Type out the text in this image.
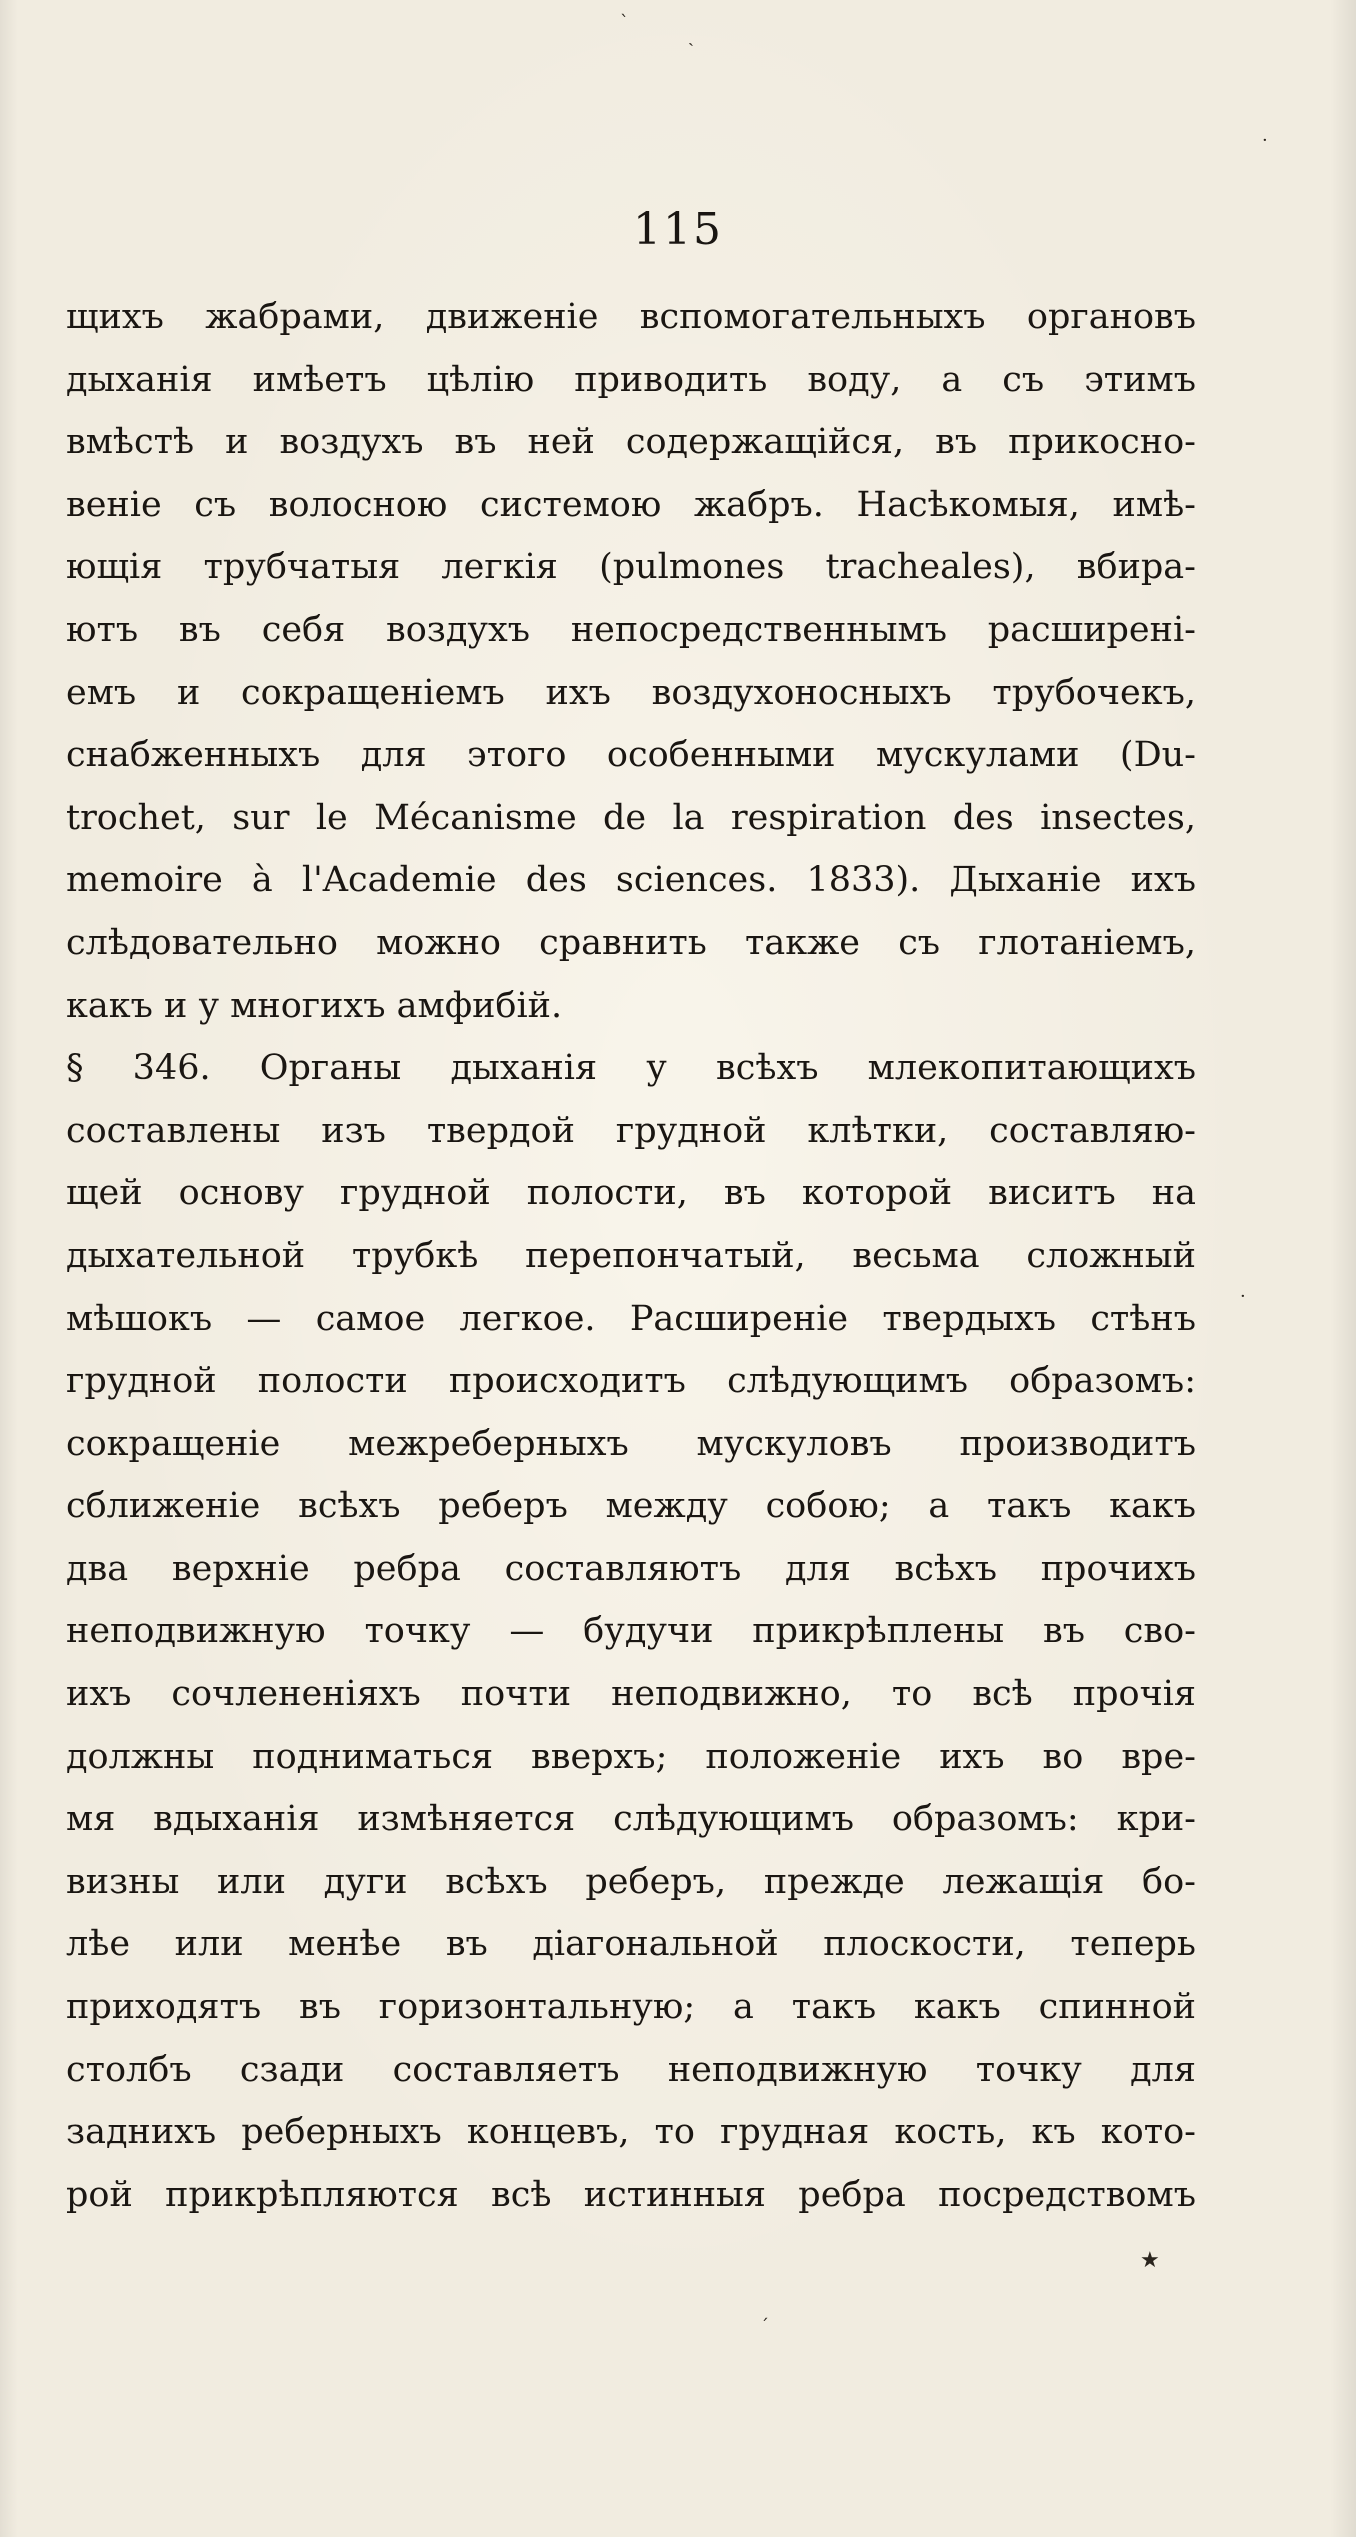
ˋ
ˎ
·
ˊ
·
115
щихъ жабрами, движенiе вспомогательныхъ органовъ
дыханiя имѣетъ цѣлiю приводить воду, а съ этимъ
вмѣстѣ и воздухъ въ ней содержащiйся, въ прикосно-
венiе съ волосною системою жабръ. Насѣкомыя, имѣ-
ющiя трубчатыя легкiя (pulmones tracheales), вбира-
ютъ въ себя воздухъ непосредственнымъ расширенi-
емъ и сокращенiемъ ихъ воздухоносныхъ трубочекъ,
снабженныхъ для этого особенными мускулами (Du-
trochet, sur le Mécanisme de la respiration des insectes,
memoire à l'Academie des sciences. 1833). Дыханiе ихъ
слѣдовательно можно сравнить также съ глотанiемъ,
какъ и у многихъ амфибiй.
§ 346. Органы дыханiя у всѣхъ млекопитающихъ
составлены изъ твердой грудной клѣтки, составляю-
щей основу грудной полости, въ которой виситъ на
дыхательной трубкѣ перепончатый, весьма сложный
мѣшокъ — самое легкое. Расширенiе твердыхъ стѣнъ
грудной полости происходитъ слѣдующимъ образомъ:
сокращенiе межреберныхъ мускуловъ производитъ
сближенiе всѣхъ реберъ между собою; а такъ какъ
два верхнiе ребра составляютъ для всѣхъ прочихъ
неподвижную точку — будучи прикрѣплены въ сво-
ихъ сочлененiяхъ почти неподвижно, то всѣ прочiя
должны подниматься вверхъ; положенiе ихъ во вре-
мя вдыханiя измѣняется слѣдующимъ образомъ: кри-
визны или дуги всѣхъ реберъ, прежде лежащiя бо-
лѣе или менѣе въ дiагональной плоскости, теперь
приходятъ въ горизонтальную; а такъ какъ спинной
столбъ сзади составляетъ неподвижную точку для
заднихъ реберныхъ концевъ, то грудная кость, къ кото-
рой прикрѣпляются всѣ истинныя ребра посредствомъ
★
